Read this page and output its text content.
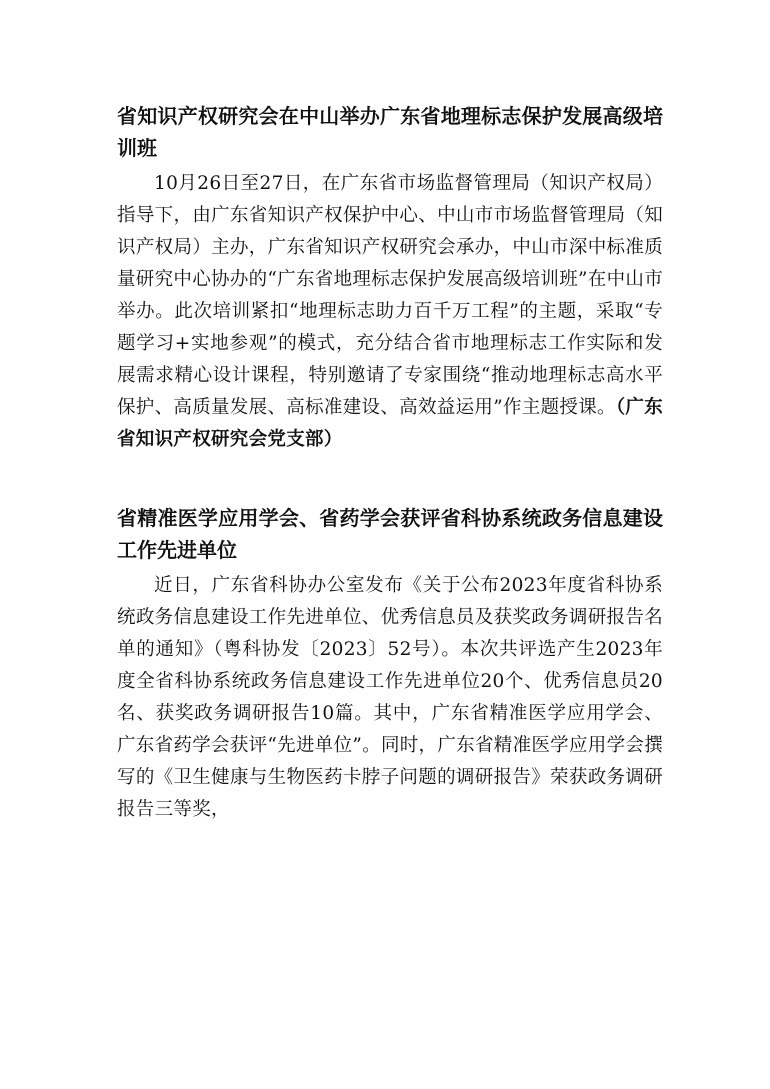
省知识产权研究会在中山举办广东省地理标志保护发展高级培训班

10月26日至27日，在广东省市场监督管理局（知识产权局）指导下，由广东省知识产权保护中心、中山市市场监督管理局（知识产权局）主办，广东省知识产权研究会承办，中山市深中标准质量研究中心协办的“广东省地理标志保护发展高级培训班”在中山市举办。此次培训紧扣“地理标志助力百千万工程”的主题，采取“专题学习+实地参观”的模式，充分结合省市地理标志工作实际和发展需求精心设计课程，特别邀请了专家围绕“推动地理标志高水平保护、高质量发展、高标准建设、高效益运用”作主题授课。（广东省知识产权研究会党支部）

省精准医学应用学会、省药学会获评省科协系统政务信息建设工作先进单位

近日，广东省科协办公室发布《关于公布2023年度省科协系统政务信息建设工作先进单位、优秀信息员及获奖政务调研报告名单的通知》（粤科协发〔2023〕52号）。本次共评选产生2023年度全省科协系统政务信息建设工作先进单位20个、优秀信息员20名、获奖政务调研报告10篇。其中，广东省精准医学应用学会、广东省药学会获评“先进单位”。同时，广东省精准医学应用学会撰写的《卫生健康与生物医药卡脖子问题的调研报告》荣获政务调研报告三等奖，
